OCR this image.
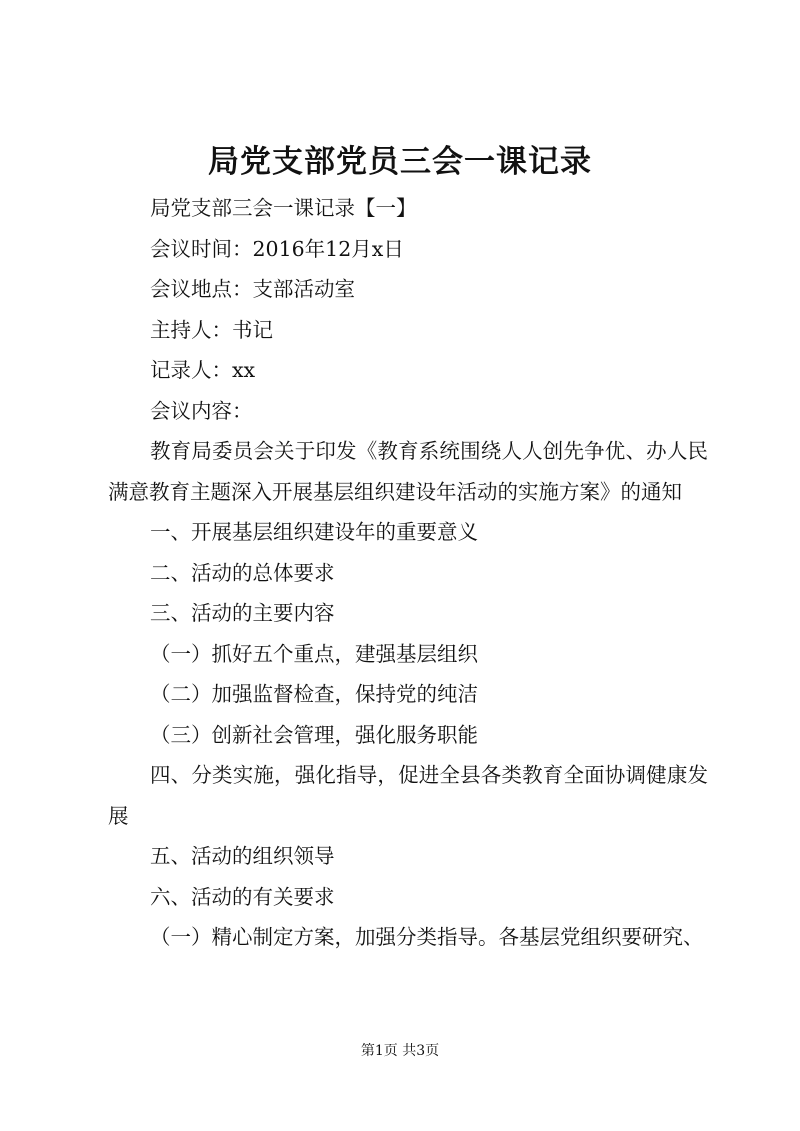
局党支部党员三会一课记录

局党支部三会一课记录【一】

会议时间：2016年12月x日

会议地点：支部活动室

主持人：书记

记录人：xx

会议内容：

教育局委员会关于印发《教育系统围绕人人创先争优、办人民满意教育主题深入开展基层组织建设年活动的实施方案》的通知

一、开展基层组织建设年的重要意义

二、活动的总体要求

三、活动的主要内容

（一）抓好五个重点，建强基层组织

（二）加强监督检查，保持党的纯洁

（三）创新社会管理，强化服务职能

四、分类实施，强化指导，促进全县各类教育全面协调健康发展

五、活动的组织领导

六、活动的有关要求

（一）精心制定方案，加强分类指导。各基层党组织要研究、

第1页 共3页
